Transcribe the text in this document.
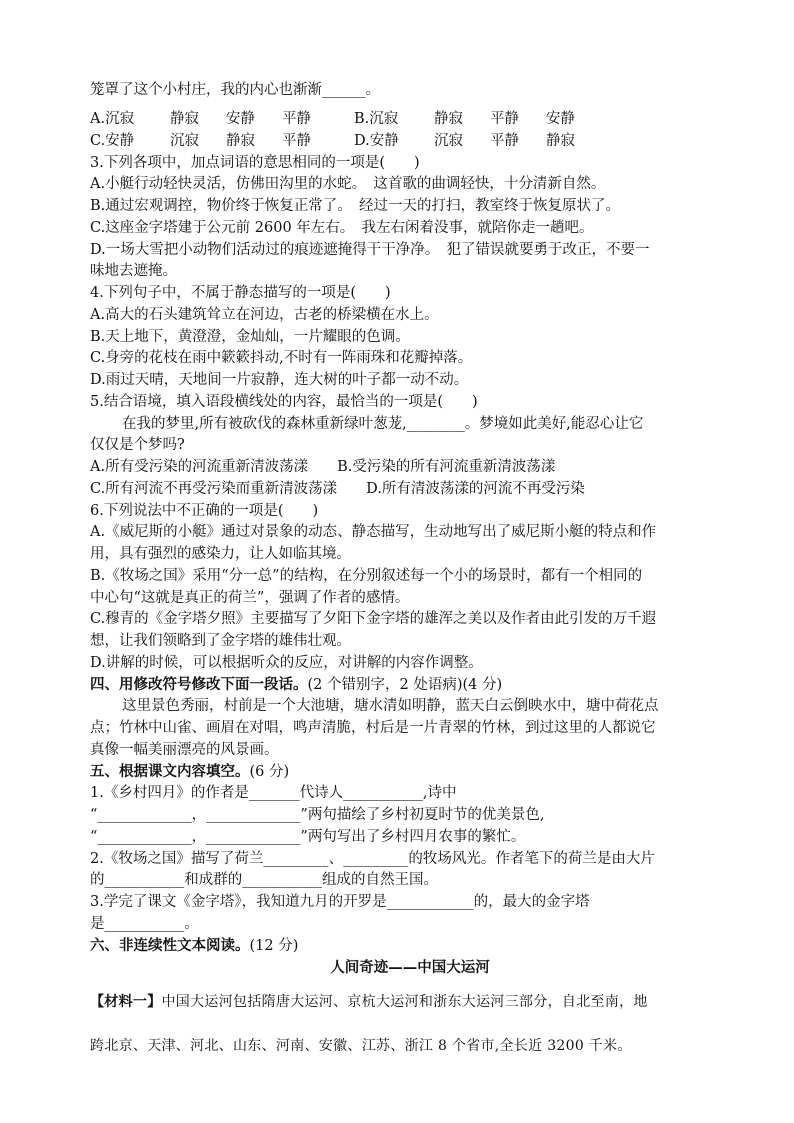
笼罩了这个小村庄，我的内心也渐渐______。
A.沉寂 静寂 安静 平静	B.沉寂 静寂 平静 安静
C.安静 沉寂 静寂 平静	D.安静 沉寂 平静 静寂
3.下列各项中，加点词语的意思相同的一项是(　　)
A.小艇行动轻快灵活，仿佛田沟里的水蛇。　这首歌的曲调轻快，十分清新自然。
B.通过宏观调控，物价终于恢复正常了。　经过一天的打扫，教室终于恢复原状了。
C.这座金字塔建于公元前 2600 年左右。　我左右闲着没事，就陪你走一趟吧。
D.一场大雪把小动物们活动过的痕迹遮掩得干干净净。　犯了错误就要勇于改正，不要一
味地去遮掩。
4.下列句子中，不属于静态描写的一项是(　　)
A.高大的石头建筑耸立在河边，古老的桥梁横在水上。
B.天上地下，黄澄澄，金灿灿，一片耀眼的色调。
C.身旁的花枝在雨中簌簌抖动,不时有一阵雨珠和花瓣掉落。
D.雨过天晴，天地间一片寂静，连大树的叶子都一动不动。
5.结合语境，填入语段横线处的内容，最恰当的一项是(　　)
在我的梦里,所有被砍伐的森林重新绿叶葱茏,________。梦境如此美好,能忍心让它
仅仅是个梦吗?
A.所有受污染的河流重新清波荡漾　　B.受污染的所有河流重新清波荡漾
C.所有河流不再受污染而重新清波荡漾　　D.所有清波荡漾的河流不再受污染
6.下列说法中不正确的一项是(　　)
A.《威尼斯的小艇》通过对景象的动态、静态描写，生动地写出了威尼斯小艇的特点和作
用，具有强烈的感染力，让人如临其境。
B.《牧场之国》采用“分一总”的结构，在分别叙述每一个小的场景时，都有一个相同的
中心句“这就是真正的荷兰”，强调了作者的感情。
C.穆青的《金字塔夕照》主要描写了夕阳下金字塔的雄浑之美以及作者由此引发的万千遐
想，让我们领略到了金字塔的雄伟壮观。
D.讲解的时候，可以根据听众的反应，对讲解的内容作调整。
四、用修改符号修改下面一段话。(2 个错别字，2 处语病)(4 分)
这里景色秀丽，村前是一个大池塘，塘水清如明静，蓝天白云倒映水中，塘中荷花点
点；竹林中山雀、画眉在对唱，鸣声清脆，村后是一片青翠的竹林，到过这里的人都说它
真像一幅美丽漂亮的风景画。
五、根据课文内容填空。(6 分)
1.《乡村四月》的作者是_______代诗人___________,诗中
“_____________，_____________”两句描绘了乡村初夏时节的优美景色,
“_____________，_____________”两句写出了乡村四月农事的繁忙。
2.《牧场之国》描写了荷兰_________、_________的牧场风光。作者笔下的荷兰是由大片
的___________和成群的___________组成的自然王国。
3.学完了课文《金字塔》，我知道九月的开罗是____________的，最大的金字塔
是___________。
六、非连续性文本阅读。(12 分)
人间奇迹——中国大运河
【材料一】中国大运河包括隋唐大运河、京杭大运河和浙东大运河三部分，自北至南，地
跨北京、天津、河北、山东、河南、安徽、江苏、浙江 8 个省市,全长近 3200 千米。
